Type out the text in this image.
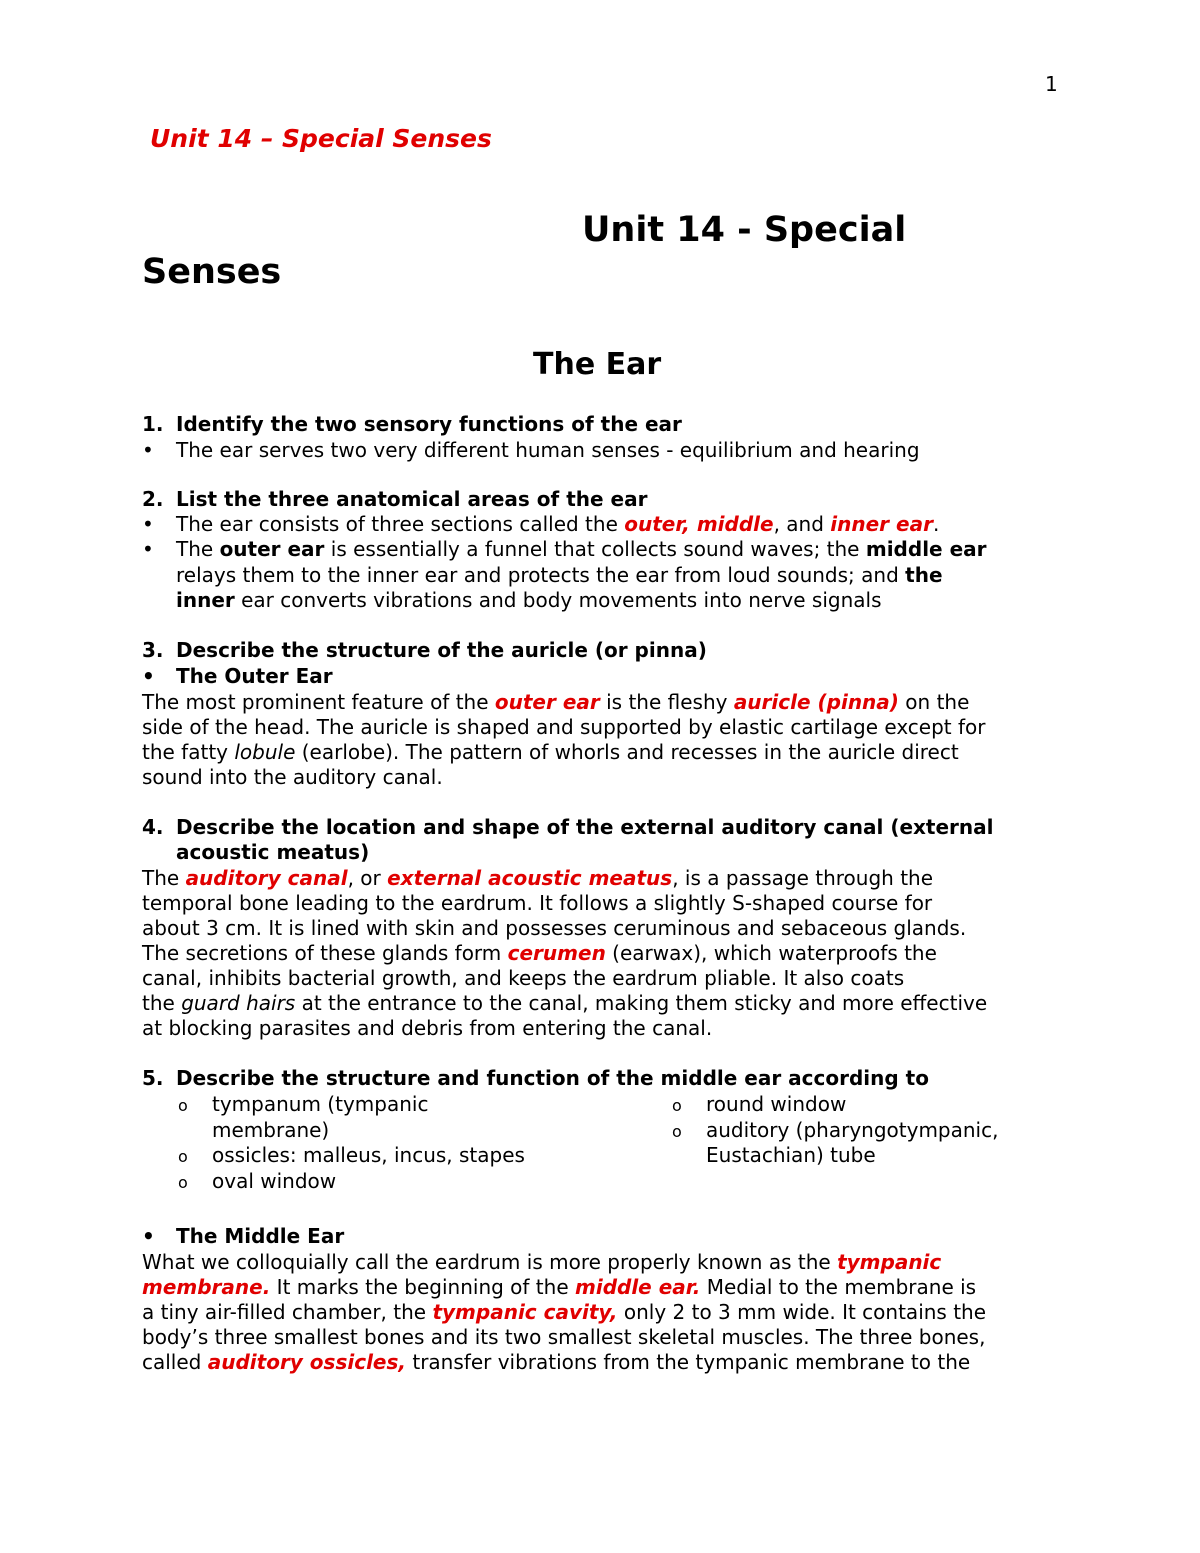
1
Unit 14 – Special Senses
Unit 14 - Special
Senses
The Ear
1. Identify the two sensory functions of the ear
• The ear serves two very different human senses - equilibrium and hearing
2. List the three anatomical areas of the ear
• The ear consists of three sections called the outer, middle, and inner ear.
• The outer ear is essentially a funnel that collects sound waves; the middle ear
relays them to the inner ear and protects the ear from loud sounds; and the
inner ear converts vibrations and body movements into nerve signals
3. Describe the structure of the auricle (or pinna)
• The Outer Ear
The most prominent feature of the outer ear is the fleshy auricle (pinna) on the
side of the head. The auricle is shaped and supported by elastic cartilage except for
the fatty lobule (earlobe). The pattern of whorls and recesses in the auricle direct
sound into the auditory canal.
4. Describe the location and shape of the external auditory canal (external
acoustic meatus)
The auditory canal, or external acoustic meatus, is a passage through the
temporal bone leading to the eardrum. It follows a slightly S-shaped course for
about 3 cm. It is lined with skin and possesses ceruminous and sebaceous glands.
The secretions of these glands form cerumen (earwax), which waterproofs the
canal, inhibits bacterial growth, and keeps the eardrum pliable. It also coats
the guard hairs at the entrance to the canal, making them sticky and more effective
at blocking parasites and debris from entering the canal.
5. Describe the structure and function of the middle ear according to
o tympanum (tympanic
membrane)
o ossicles: malleus, incus, stapes
o oval window
o round window
o auditory (pharyngotympanic,
Eustachian) tube
• The Middle Ear
What we colloquially call the eardrum is more properly known as the tympanic
membrane. It marks the beginning of the middle ear. Medial to the membrane is
a tiny air-filled chamber, the tympanic cavity, only 2 to 3 mm wide. It contains the
body’s three smallest bones and its two smallest skeletal muscles. The three bones,
called auditory ossicles, transfer vibrations from the tympanic membrane to the
